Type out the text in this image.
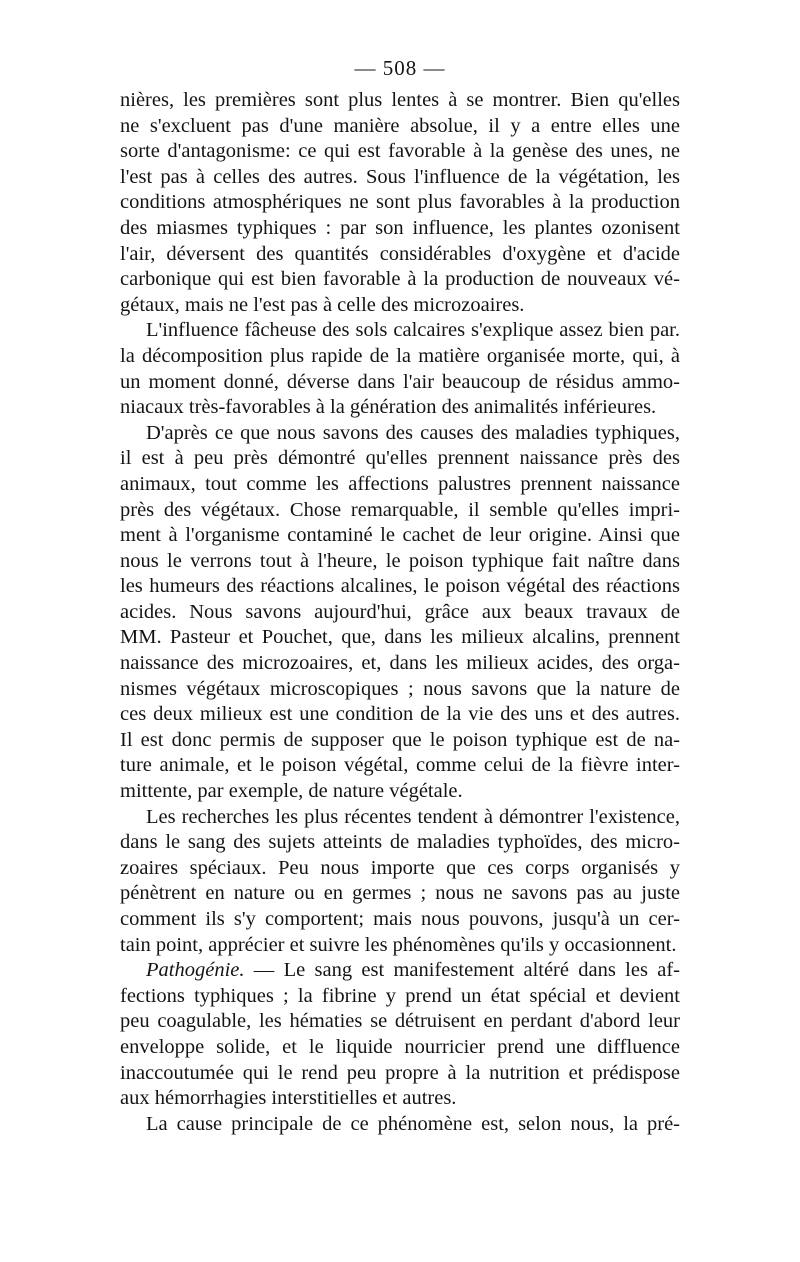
— 508 —
nières, les premières sont plus lentes à se montrer. Bien qu'elles
ne s'excluent pas d'une manière absolue, il y a entre elles une
sorte d'antagonisme: ce qui est favorable à la genèse des unes, ne
l'est pas à celles des autres. Sous l'influence de la végétation, les
conditions atmosphériques ne sont plus favorables à la production
des miasmes typhiques : par son influence, les plantes ozonisent
l'air, déversent des quantités considérables d'oxygène et d'acide
carbonique qui est bien favorable à la production de nouveaux vé-
gétaux, mais ne l'est pas à celle des microzoaires.
L'influence fâcheuse des sols calcaires s'explique assez bien par.
la décomposition plus rapide de la matière organisée morte, qui, à
un moment donné, déverse dans l'air beaucoup de résidus ammo-
niacaux très-favorables à la génération des animalités inférieures.
D'après ce que nous savons des causes des maladies typhiques,
il est à peu près démontré qu'elles prennent naissance près des
animaux, tout comme les affections palustres prennent naissance
près des végétaux. Chose remarquable, il semble qu'elles impri-
ment à l'organisme contaminé le cachet de leur origine. Ainsi que
nous le verrons tout à l'heure, le poison typhique fait naître dans
les humeurs des réactions alcalines, le poison végétal des réactions
acides. Nous savons aujourd'hui, grâce aux beaux travaux de
MM. Pasteur et Pouchet, que, dans les milieux alcalins, prennent
naissance des microzoaires, et, dans les milieux acides, des orga-
nismes végétaux microscopiques ; nous savons que la nature de
ces deux milieux est une condition de la vie des uns et des autres.
Il est donc permis de supposer que le poison typhique est de na-
ture animale, et le poison végétal, comme celui de la fièvre inter-
mittente, par exemple, de nature végétale.
Les recherches les plus récentes tendent à démontrer l'existence,
dans le sang des sujets atteints de maladies typhoïdes, des micro-
zoaires spéciaux. Peu nous importe que ces corps organisés y
pénètrent en nature ou en germes ; nous ne savons pas au juste
comment ils s'y comportent; mais nous pouvons, jusqu'à un cer-
tain point, apprécier et suivre les phénomènes qu'ils y occasionnent.
Pathogénie. — Le sang est manifestement altéré dans les af-
fections typhiques ; la fibrine y prend un état spécial et devient
peu coagulable, les hématies se détruisent en perdant d'abord leur
enveloppe solide, et le liquide nourricier prend une diffluence
inaccoutumée qui le rend peu propre à la nutrition et prédispose
aux hémorrhagies interstitielles et autres.
La cause principale de ce phénomène est, selon nous, la pré-
